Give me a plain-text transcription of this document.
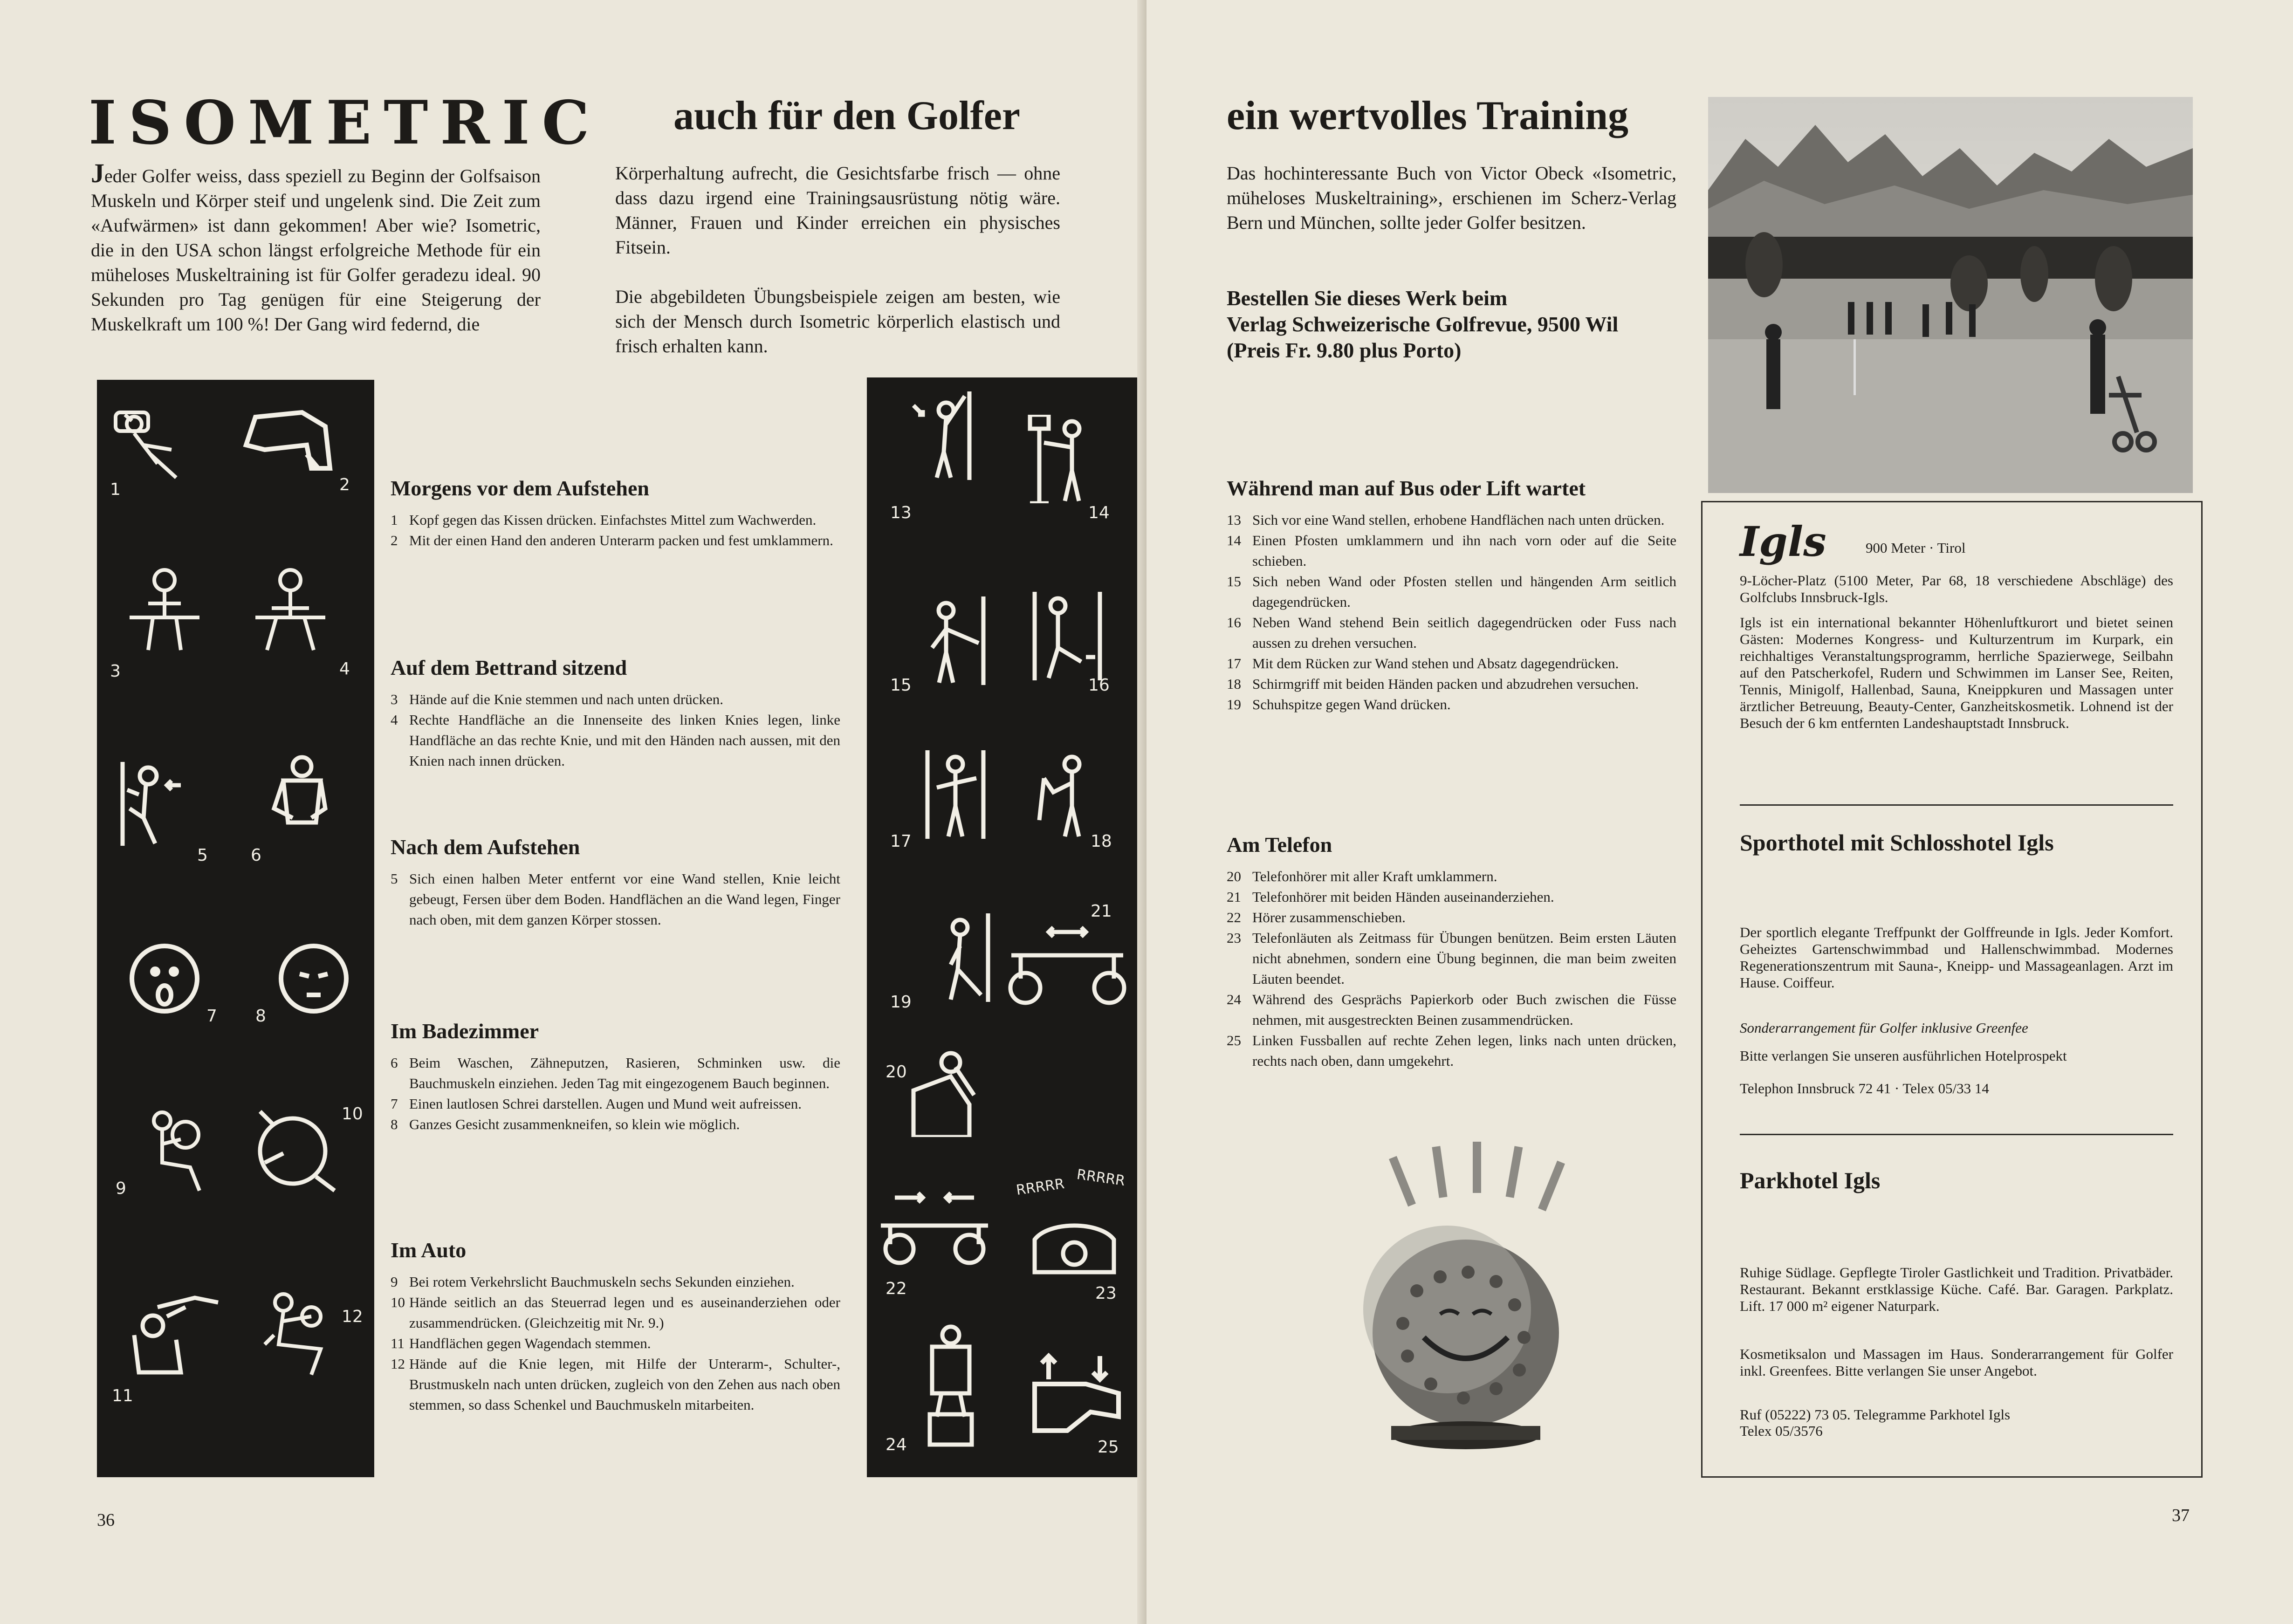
ISOMETRIC auch für den Golfer

Jeder Golfer weiss, dass speziell zu Beginn der Golfsaison Muskeln und Körper steif und ungelenk sind. Die Zeit zum «Aufwärmen» ist dann gekommen! Aber wie? Isometric, die in den USA schon längst erfolgreiche Methode für ein müheloses Muskeltraining ist für Golfer geradezu ideal. 90 Sekunden pro Tag genügen für eine Steigerung der Muskelkraft um 100 %! Der Gang wird federnd, die

Körperhaltung aufrecht, die Gesichtsfarbe frisch — ohne dass dazu irgend eine Trainingsausrüstung nötig wäre. Männer, Frauen und Kinder erreichen ein physisches Fitsein.

Die abgebildeten Übungsbeispiele zeigen am besten, wie sich der Mensch durch Isometric körperlich elastisch und frisch erhalten kann.

1	2
3	4
5	6
7 8
9
10
11
12
13	14
15	16
17	18
19
21
20
22
RRRRR RRRRR
23
24	25
Morgens vor dem Aufstehen
1 Kopf gegen das Kissen drücken. Einfachstes Mittel zum Wachwerden.
2 Mit der einen Hand den anderen Unterarm packen und fest umklammern.
Auf dem Bettrand sitzend
3 Hände auf die Knie stemmen und nach unten drücken.
4 Rechte Handfläche an die Innenseite des linken Knies legen, linke Handfläche an das rechte Knie, und mit den Händen nach aussen, mit den Knien nach innen drücken.
Nach dem Aufstehen
5 Sich einen halben Meter entfernt vor eine Wand stellen, Knie leicht gebeugt, Fersen über dem Boden. Handflächen an die Wand legen, Finger nach oben, mit dem ganzen Körper stossen.
Im Badezimmer
6 Beim Waschen, Zähneputzen, Rasieren, Schminken usw. die Bauchmuskeln einziehen. Jeden Tag mit eingezogenem Bauch beginnen.
7 Einen lautlosen Schrei darstellen. Augen und Mund weit aufreissen.
8 Ganzes Gesicht zusammenkneifen, so klein wie möglich.
Im Auto
9 Bei rotem Verkehrslicht Bauchmuskeln sechs Sekunden einziehen.
10 Hände seitlich an das Steuerrad legen und es auseinanderziehen oder zusammendrücken. (Gleichzeitig mit Nr. 9.)
11 Handflächen gegen Wagendach stemmen.
12 Hände auf die Knie legen, mit Hilfe der Unterarm-, Schulter-, Brustmuskeln nach unten drücken, zugleich von den Zehen aus nach oben stemmen, so dass Schenkel und Bauchmuskeln mitarbeiten.
36
ein wertvolles Training
Das hochinteressante Buch von Victor Obeck «Isometric, müheloses Muskeltraining», erschienen im Scherz-Verlag Bern und München, sollte jeder Golfer besitzen.

Bestellen Sie dieses Werk beim

Verlag Schweizerische Golfrevue, 9500 Wil

(Preis Fr. 9.80 plus Porto)

Während man auf Bus oder Lift wartet
13 Sich vor eine Wand stellen, erhobene Handflächen nach unten drücken.
14 Einen Pfosten umklammern und ihn nach vorn oder auf die Seite schieben.
15 Sich neben Wand oder Pfosten stellen und hängenden Arm seitlich dagegendrücken.
16 Neben Wand stehend Bein seitlich dagegendrücken oder Fuss nach aussen zu drehen versuchen.
17 Mit dem Rücken zur Wand stehen und Absatz dagegendrücken.
18 Schirmgriff mit beiden Händen packen und abzudrehen versuchen.
19 Schuhspitze gegen Wand drücken.
Am Telefon
20 Telefonhörer mit aller Kraft umklammern.
21 Telefonhörer mit beiden Händen auseinanderziehen.
22 Hörer zusammenschieben.
23 Telefonläuten als Zeitmass für Übungen benützen. Beim ersten Läuten nicht abnehmen, sondern eine Übung beginnen, die man beim zweiten Läuten beendet.
24 Während des Gesprächs Papierkorb oder Buch zwischen die Füsse nehmen, mit ausgestreckten Beinen zusammendrücken.
25 Linken Fussballen auf rechte Zehen legen, links nach unten drücken, rechts nach oben, dann umgekehrt.
Igls	900 Meter · Tirol

9-Löcher-Platz (5100 Meter, Par 68, 18 verschiedene Abschläge) des Golfclubs Innsbruck-Igls.

Igls ist ein international bekannter Höhenluftkurort und bietet seinen Gästen: Modernes Kongress- und Kulturzentrum im Kurpark, ein reichhaltiges Veranstaltungsprogramm, herrliche Spazierwege, Seilbahn auf den Patscherkofel, Rudern und Schwimmen im Lanser See, Reiten, Tennis, Minigolf, Hallenbad, Sauna, Kneippkuren und Massagen unter ärztlicher Betreuung, Beauty-Center, Ganzheitskosmetik. Lohnend ist der Besuch der 6 km entfernten Landeshauptstadt Innsbruck.

Sporthotel mit Schlosshotel Igls

Der sportlich elegante Treffpunkt der Golffreunde in Igls. Jeder Komfort. Geheiztes Gartenschwimmbad und Hallenschwimmbad. Modernes Regenerationszentrum mit Sauna-, Kneipp- und Massageanlagen. Arzt im Hause. Coiffeur.

Sonderarrangement für Golfer inklusive Greenfee

Bitte verlangen Sie unseren ausführlichen Hotelprospekt

Telephon Innsbruck 72 41 · Telex 05/33 14

Parkhotel Igls

Ruhige Südlage. Gepflegte Tiroler Gastlichkeit und Tradition. Privatbäder. Restaurant. Bekannt erstklassige Küche. Café. Bar. Garagen. Parkplatz. Lift. 17 000 m² eigener Naturpark.

Kosmetiksalon und Massagen im Haus. Sonderarrangement für Golfer inkl. Greenfees. Bitte verlangen Sie unser Angebot.

Ruf (05222) 73 05. Telegramme Parkhotel Igls

Telex 05/3576

37
